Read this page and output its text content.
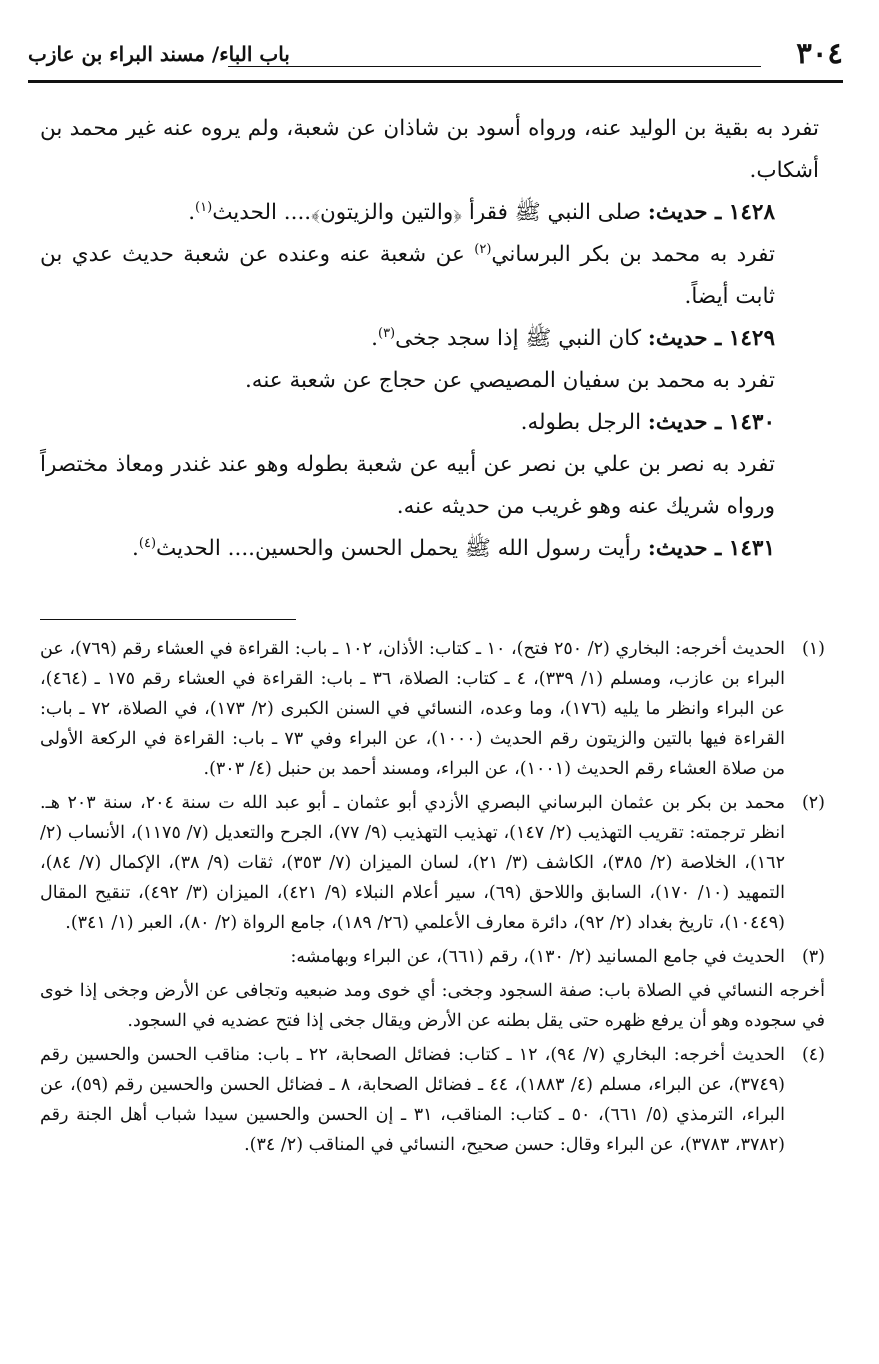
٣٠٤
باب الباء/ مسند البراء بن عازب

تفرد به بقية بن الوليد عنه، ورواه أسود بن شاذان عن شعبة، ولم يروه عنه غير محمد بن أشكاب.

١٤٢٨ ـ حديث: صلى النبي ﷺ فقرأ ﴿والتين والزيتون﴾.... الحديث$^{(١)}$.

تفرد به محمد بن بكر البرساني$^{(٢)}$ عن شعبة عنه وعنده عن شعبة حديث عدي بن ثابت أيضاً.

١٤٢٩ ـ حديث: كان النبي ﷺ إذا سجد جخى$^{(٣)}$.

تفرد به محمد بن سفيان المصيصي عن حجاج عن شعبة عنه.

١٤٣٠ ـ حديث: الرجل بطوله.

تفرد به نصر بن علي بن نصر عن أبيه عن شعبة بطوله وهو عند غندر ومعاذ مختصراً ورواه شريك عنه وهو غريب من حديثه عنه.

١٤٣١ ـ حديث: رأيت رسول الله ﷺ يحمل الحسن والحسين.... الحديث$^{(٤)}$.

(١)
الحديث أخرجه: البخاري (٢/ ٢٥٠ فتح)، ١٠ ـ كتاب: الأذان، ١٠٢ ـ باب: القراءة في العشاء رقم (٧٦٩)، عن البراء بن عازب، ومسلم (١/ ٣٣٩)، ٤ ـ كتاب: الصلاة، ٣٦ ـ باب: القراءة في العشاء رقم ١٧٥ ـ (٤٦٤)، عن البراء وانظر ما يليه (١٧٦)، وما وعده، النسائي في السنن الكبرى (٢/ ١٧٣)، في الصلاة، ٧٢ ـ باب: القراءة فيها بالتين والزيتون رقم الحديث (١٠٠٠)، عن البراء وفي ٧٣ ـ باب: القراءة في الركعة الأولى من صلاة العشاء رقم الحديث (١٠٠١)، عن البراء، ومسند أحمد بن حنبل (٤/ ٣٠٣).
(٢)
محمد بن بكر بن عثمان البرساني البصري الأزدي أبو عثمان ـ أبو عبد الله ت سنة ٢٠٤، سنة ٢٠٣ هـ. انظر ترجمته: تقريب التهذيب (٢/ ١٤٧)، تهذيب التهذيب (٩/ ٧٧)، الجرح والتعديل (٧/ ١١٧٥)، الأنساب (٢/ ١٦٢)، الخلاصة (٢/ ٣٨٥)، الكاشف (٣/ ٢١)، لسان الميزان (٧/ ٣٥٣)، ثقات (٩/ ٣٨)، الإكمال (٧/ ٨٤)، التمهيد (١٠/ ١٧٠)، السابق واللاحق (٦٩)، سير أعلام النبلاء (٩/ ٤٢١)، الميزان (٣/ ٤٩٢)، تنقيح المقال (١٠٤٤٩)، تاريخ بغداد (٢/ ٩٢)، دائرة معارف الأعلمي (٢٦/ ١٨٩)، جامع الرواة (٢/ ٨٠)، العبر (١/ ٣٤١).
(٣)
الحديث في جامع المسانيد (٢/ ١٣٠)، رقم (٦٦١)، عن البراء وبهامشه:
أخرجه النسائي في الصلاة باب: صفة السجود وجخى: أي خوى ومد ضبعيه وتجافى عن الأرض وجخى إذا خوى في سجوده وهو أن يرفع ظهره حتى يقل بطنه عن الأرض ويقال جخى إذا فتح عضديه في السجود.
(٤)
الحديث أخرجه: البخاري (٧/ ٩٤)، ١٢ ـ كتاب: فضائل الصحابة، ٢٢ ـ باب: مناقب الحسن والحسين رقم (٣٧٤٩)، عن البراء، مسلم (٤/ ١٨٨٣)، ٤٤ ـ فضائل الصحابة، ٨ ـ فضائل الحسن والحسين رقم (٥٩)، عن البراء، الترمذي (٥/ ٦٦١)، ٥٠ ـ كتاب: المناقب، ٣١ ـ إن الحسن والحسين سيدا شباب أهل الجنة رقم (٣٧٨٢، ٣٧٨٣)، عن البراء وقال: حسن صحيح، النسائي في المناقب (٢/ ٣٤).
